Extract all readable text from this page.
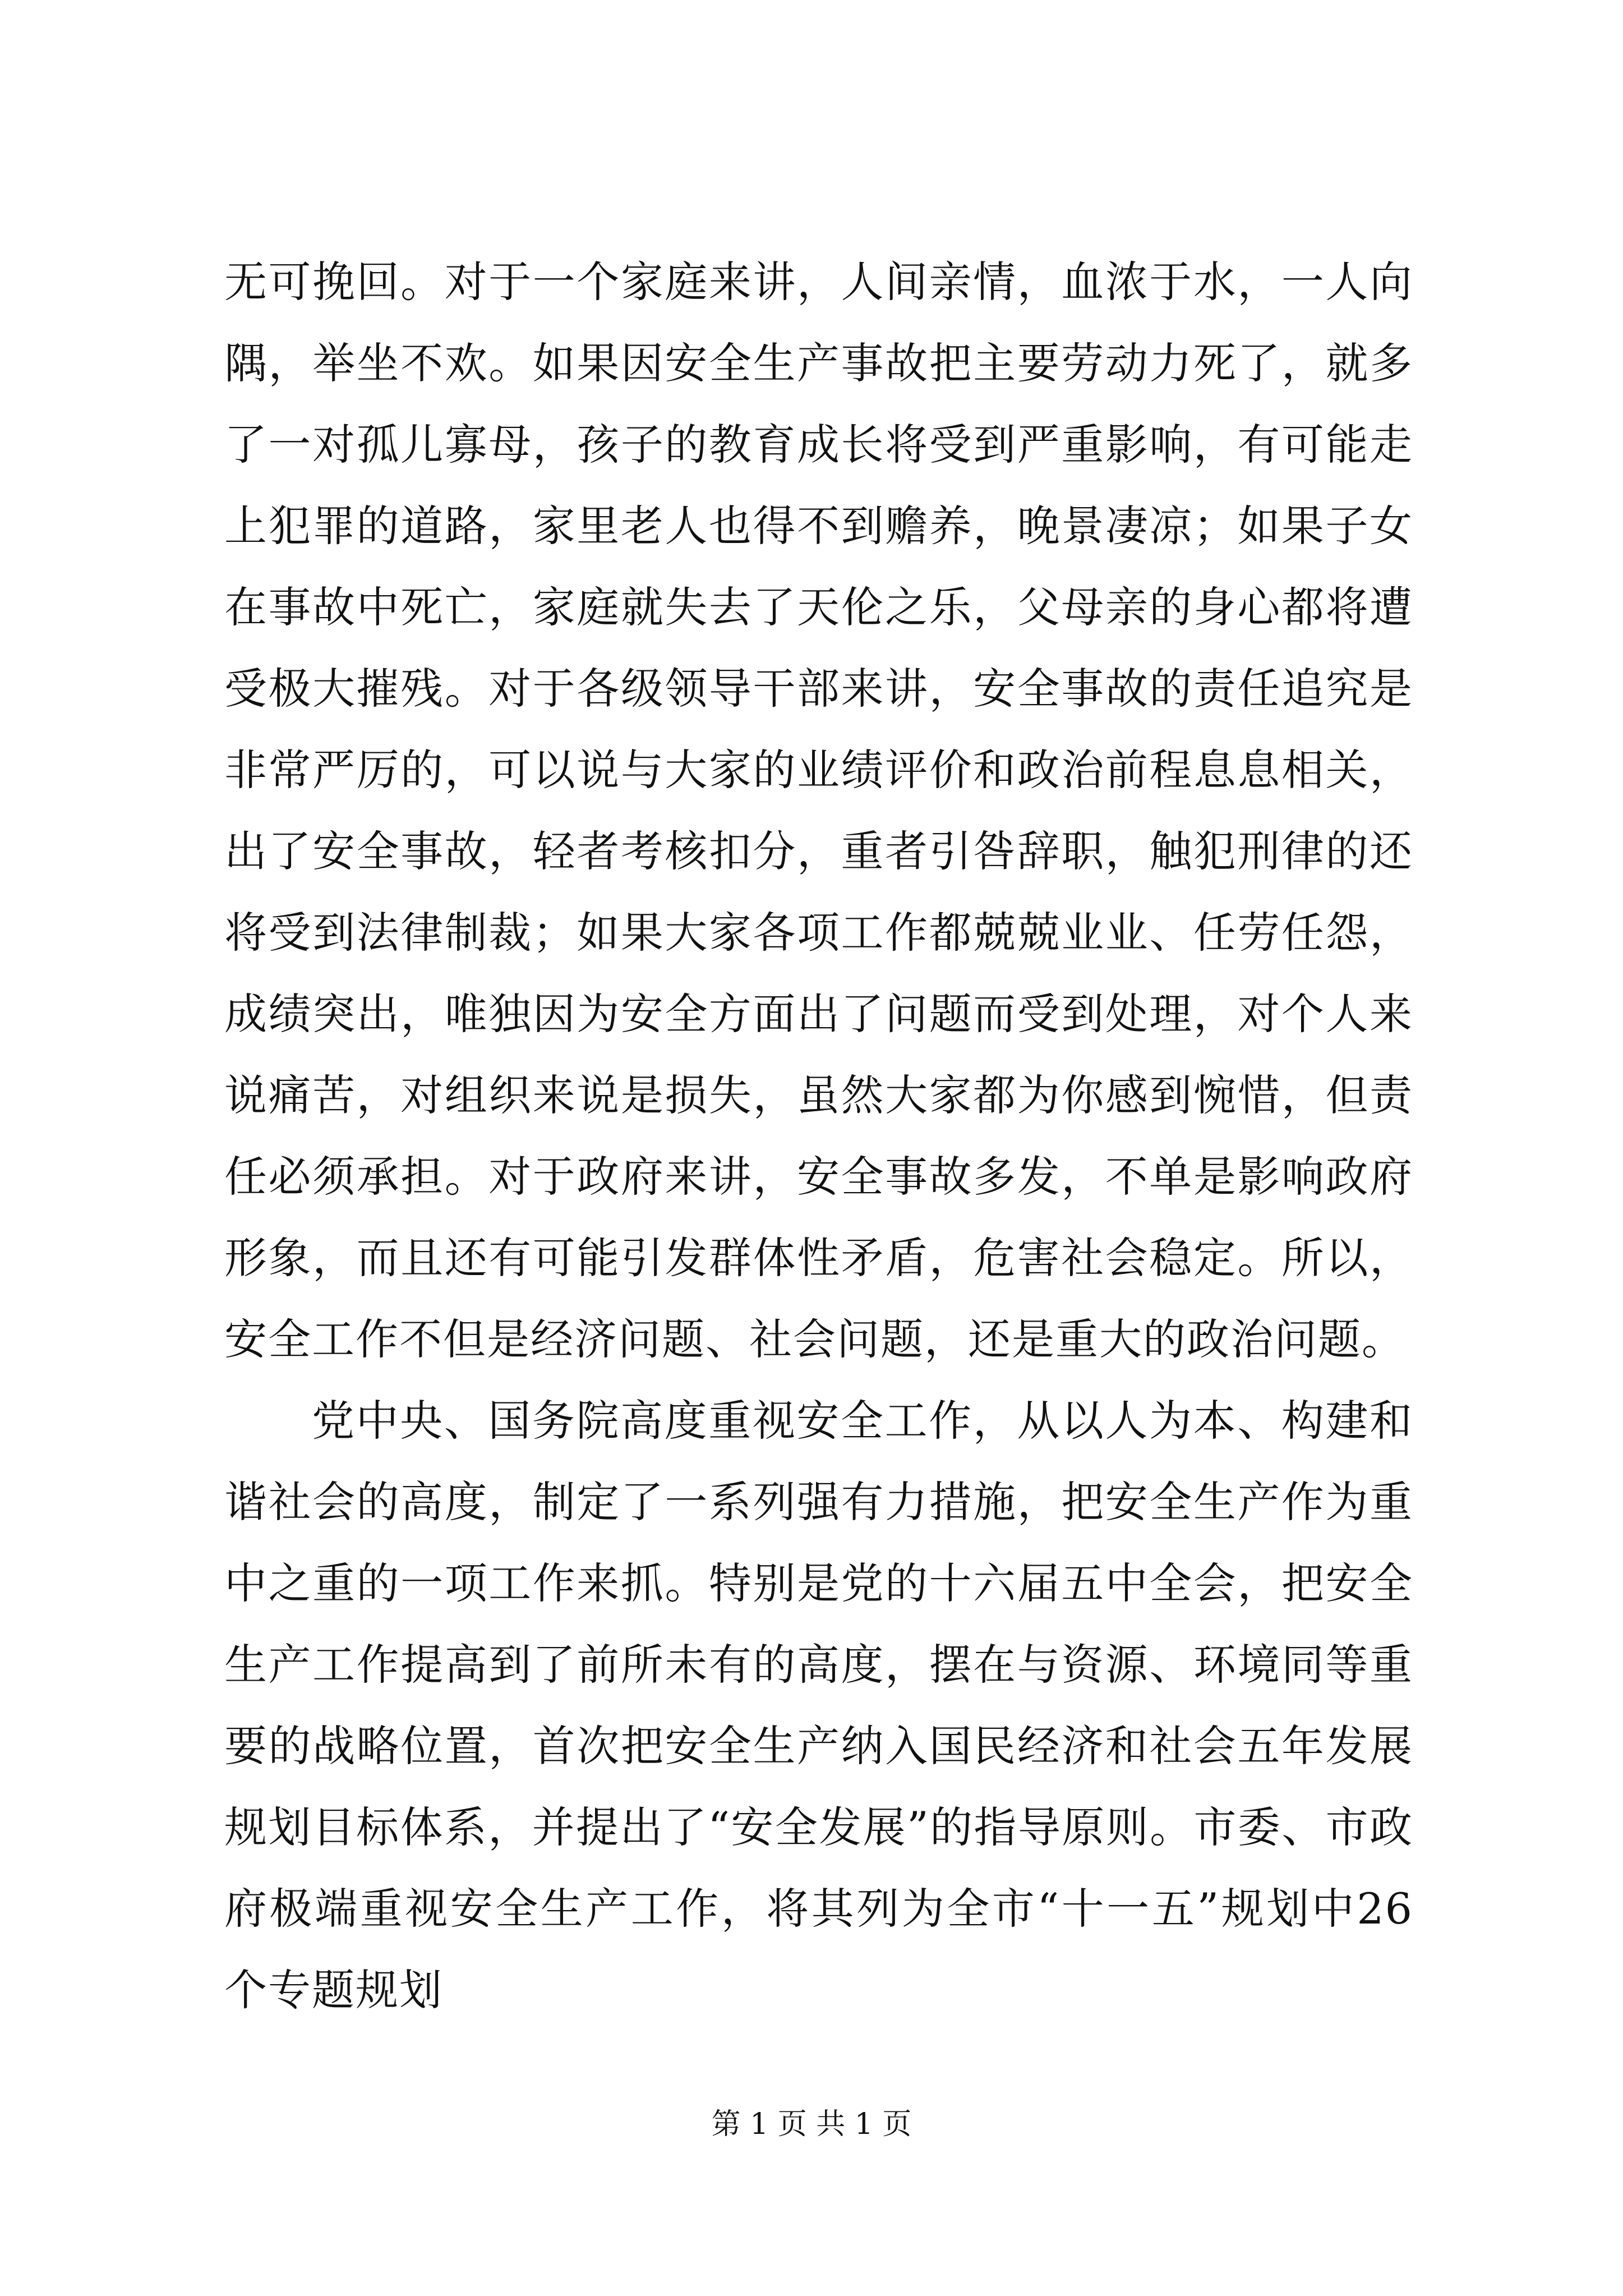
无可挽回。对于一个家庭来讲，人间亲情，血浓于水，一人向隅，举坐不欢。如果因安全生产事故把主要劳动力死了，就多了一对孤儿寡母，孩子的教育成长将受到严重影响，有可能走上犯罪的道路，家里老人也得不到赡养，晚景凄凉；如果子女在事故中死亡，家庭就失去了天伦之乐，父母亲的身心都将遭受极大摧残。对于各级领导干部来讲，安全事故的责任追究是非常严厉的，可以说与大家的业绩评价和政治前程息息相关，出了安全事故，轻者考核扣分，重者引咎辞职，触犯刑律的还将受到法律制裁；如果大家各项工作都兢兢业业、任劳任怨，成绩突出，唯独因为安全方面出了问题而受到处理，对个人来说痛苦，对组织来说是损失，虽然大家都为你感到惋惜，但责任必须承担。对于政府来讲，安全事故多发，不单是影响政府形象，而且还有可能引发群体性矛盾，危害社会稳定。所以，安全工作不但是经济问题、社会问题，还是重大的政治问题。

党中央、国务院高度重视安全工作，从以人为本、构建和谐社会的高度，制定了一系列强有力措施，把安全生产作为重中之重的一项工作来抓。特别是党的十六届五中全会，把安全生产工作提高到了前所未有的高度，摆在与资源、环境同等重要的战略位置，首次把安全生产纳入国民经济和社会五年发展规划目标体系，并提出了“安全发展”的指导原则。市委、市政府极端重视安全生产工作，将其列为全市“十一五”规划中26个专题规划

第 1 页 共 1 页
